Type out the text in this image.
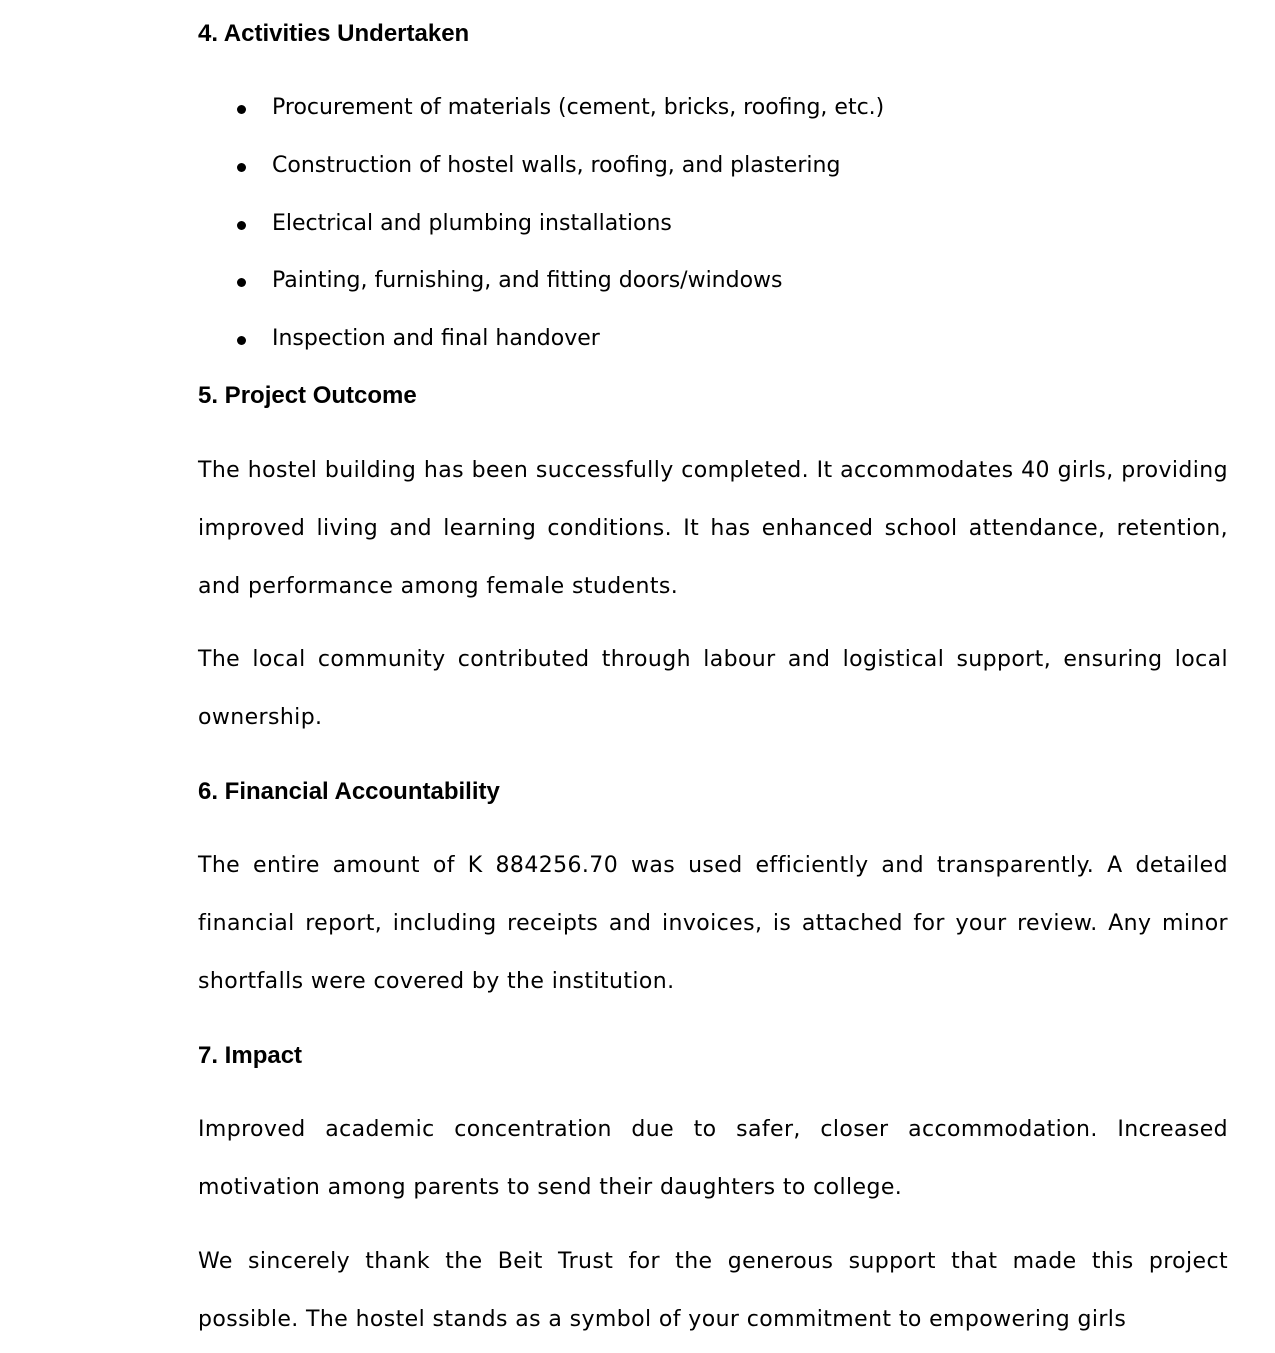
4. Activities Undertaken
Procurement of materials (cement, bricks, roofing, etc.)
Construction of hostel walls, roofing, and plastering
Electrical and plumbing installations
Painting, furnishing, and fitting doors/windows
Inspection and final handover
5. Project Outcome

The hostel building has been successfully completed. It accommodates 40 girls, providing improved living and learning conditions. It has enhanced school attendance, retention, and performance among female students.

The local community contributed through labour and logistical support, ensuring local ownership.

6. Financial Accountability

The entire amount of K 884256.70 was used efficiently and transparently. A detailed financial report, including receipts and invoices, is attached for your review. Any minor shortfalls were covered by the institution.

7. Impact

Improved academic concentration due to safer, closer accommodation. Increased motivation among parents to send their daughters to college.

We sincerely thank the Beit Trust for the generous support that made this project possible. The hostel stands as a symbol of your commitment to empowering girls
